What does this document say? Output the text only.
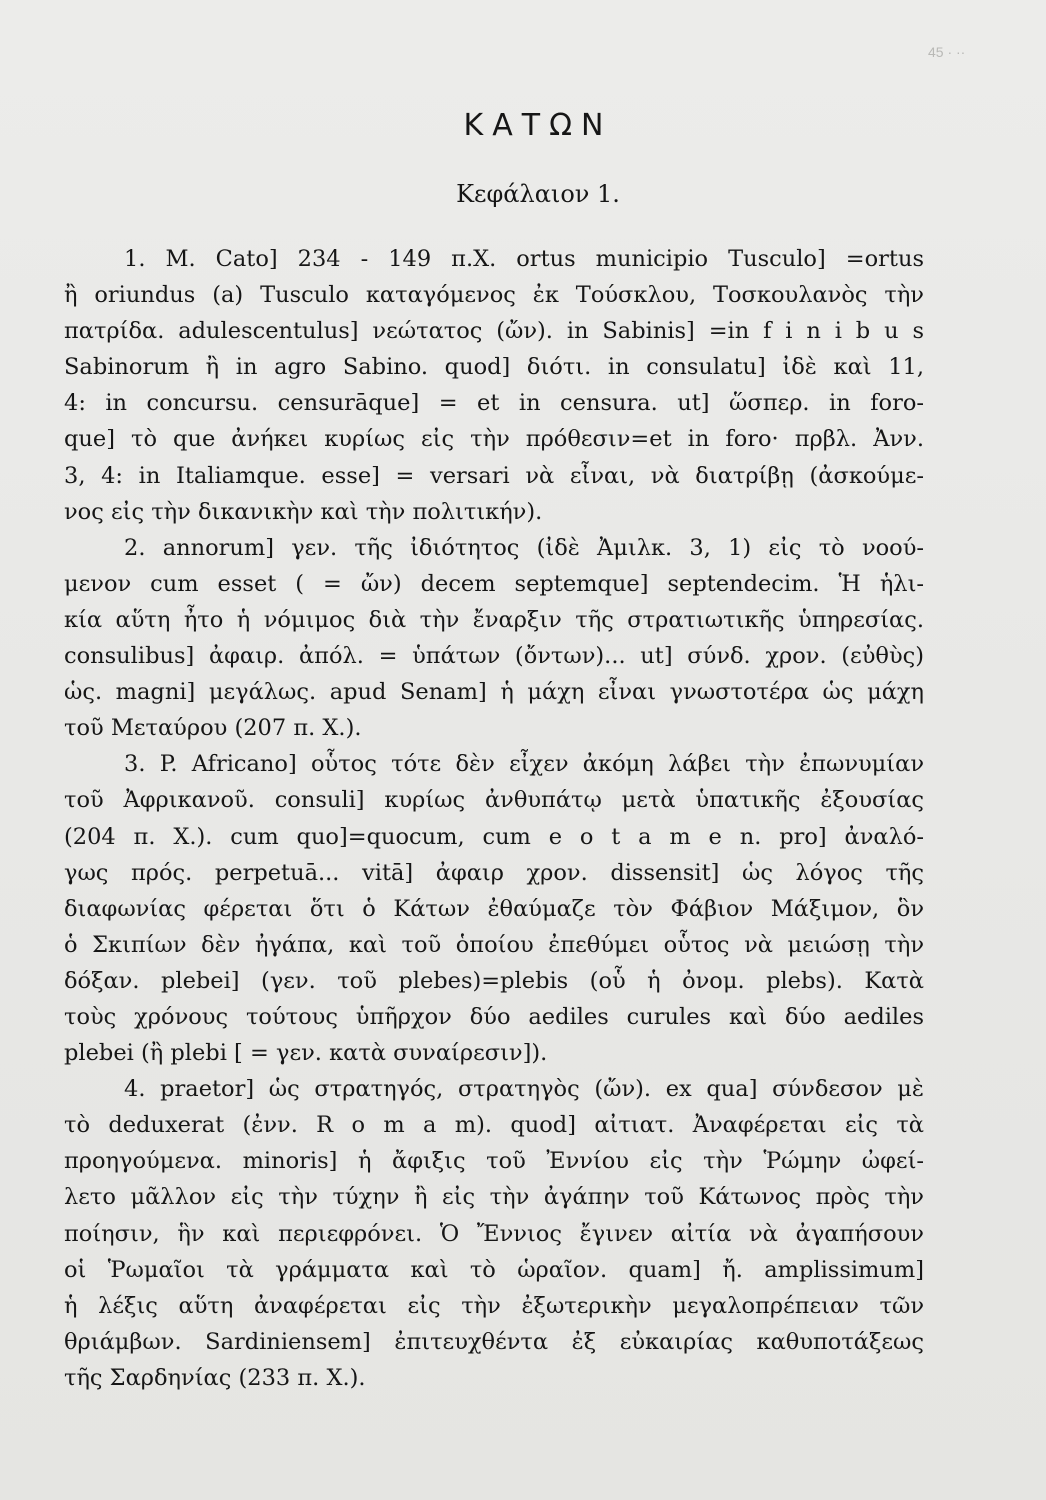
45 · ··
ΚΑΤΩΝ
Κεφάλαιον 1.
1. M. Cato] 234 - 149 π.X. ortus municipio Tusculo] =ortus
ἢ oriundus (a) Tusculo καταγόμενος ἐκ Τούσκλου, Τοσκουλανὸς τὴν
πατρίδα. adulescentulus] νεώτατος (ὤν). in Sabinis] =in f i n i b u s
Sabinorum ἢ in agro Sabino. quod] διότι. in consulatu] ἰδὲ καὶ 11,
4: in concursu. censurāque] = et in censura. ut] ὥσπερ. in foro-
que] τὸ que ἀνήκει κυρίως εἰς τὴν πρόθεσιν=et in foro· πρβλ. Ἀνν.
3, 4: in Italiamque. esse] = versari νὰ εἶναι, νὰ διατρίβῃ (ἀσκούμε-
νος εἰς τὴν δικανικὴν καὶ τὴν πολιτικήν).
2. annorum] γεν. τῆς ἰδιότητος (ἰδὲ Ἀμιλκ. 3, 1) εἰς τὸ νοού-
μενον cum esset ( = ὤν) decem septemque] septendecim. Ἡ ἡλι-
κία αὕτη ἦτο ἡ νόμιμος διὰ τὴν ἔναρξιν τῆς στρατιωτικῆς ὑπηρεσίας.
consulibus] ἀφαιρ. ἀπόλ. = ὑπάτων (ὄντων)... ut] σύνδ. χρον. (εὐθὺς)
ὡς. magni] μεγάλως. apud Senam] ἡ μάχη εἶναι γνωστοτέρα ὡς μάχη
τοῦ Μεταύρου (207 π. X.).
3. P. Africano] οὗτος τότε δὲν εἶχεν ἀκόμη λάβει τὴν ἐπωνυμίαν
τοῦ Ἀφρικανοῦ. consuli] κυρίως ἀνθυπάτῳ μετὰ ὑπατικῆς ἐξουσίας
(204 π. X.). cum quo]=quocum, cum e o t a m e n. pro] ἀναλό-
γως πρός. perpetuā... vitā] ἀφαιρ χρον. dissensit] ὡς λόγος τῆς
διαφωνίας φέρεται ὅτι ὁ Κάτων ἐθαύμαζε τὸν Φάβιον Μάξιμον, ὃν
ὁ Σκιπίων δὲν ἠγάπα, καὶ τοῦ ὁποίου ἐπεθύμει οὗτος νὰ μειώσῃ τὴν
δόξαν. plebei] (γεν. τοῦ plebes)=plebis (οὗ ἡ ὀνομ. plebs). Κατὰ
τοὺς χρόνους τούτους ὑπῆρχον δύο aediles curules καὶ δύο aediles
plebei (ἢ plebi [ = γεν. κατὰ συναίρεσιν]).
4. praetor] ὡς στρατηγός, στρατηγὸς (ὤν). ex qua] σύνδεσον μὲ
τὸ deduxerat (ἐνν. R o m a m). quod] αἰτιατ. Ἀναφέρεται εἰς τὰ
προηγούμενα. minoris] ἡ ἄφιξις τοῦ Ἐννίου εἰς τὴν Ῥώμην ὠφεί-
λετο μᾶλλον εἰς τὴν τύχην ἢ εἰς τὴν ἀγάπην τοῦ Κάτωνος πρὸς τὴν
ποίησιν, ἣν καὶ περιεφρόνει. Ὁ Ἔννιος ἔγινεν αἰτία νὰ ἀγαπήσουν
οἱ Ῥωμαῖοι τὰ γράμματα καὶ τὸ ὡραῖον. quam] ἤ. amplissimum]
ἡ λέξις αὕτη ἀναφέρεται εἰς τὴν ἐξωτερικὴν μεγαλοπρέπειαν τῶν
θριάμβων. Sardiniensem] ἐπιτευχθέντα ἐξ εὐκαιρίας καθυποτάξεως
τῆς Σαρδηνίας (233 π. X.).
